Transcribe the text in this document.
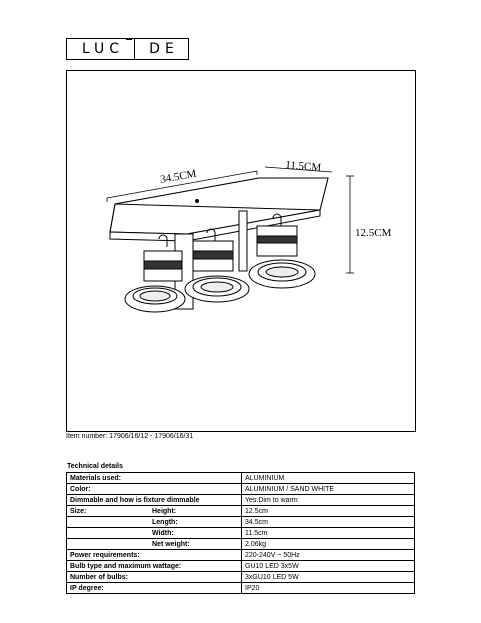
LUC	DE
34.5CM
11.5CM
12.5CM
Item number: 17906/16/12 - 17906/16/31
Technical details
Materials used:	ALUMINIUM
Color:	ALUMINIUM / SAND WHITE
Dimmable and how is fixture dimmable	Yes.Dim to warm
Size: Height:	12.5cm
Length:	34.5cm
Width:	11.5cm
Net weight:	2.06kg
Power requirements:	220-240V ~ 50Hz
Bulb type and maximum wattage:	GU10 LED 3x5W
Number of bulbs:	3xGU10 LED 5W
IP degree:	IP20
